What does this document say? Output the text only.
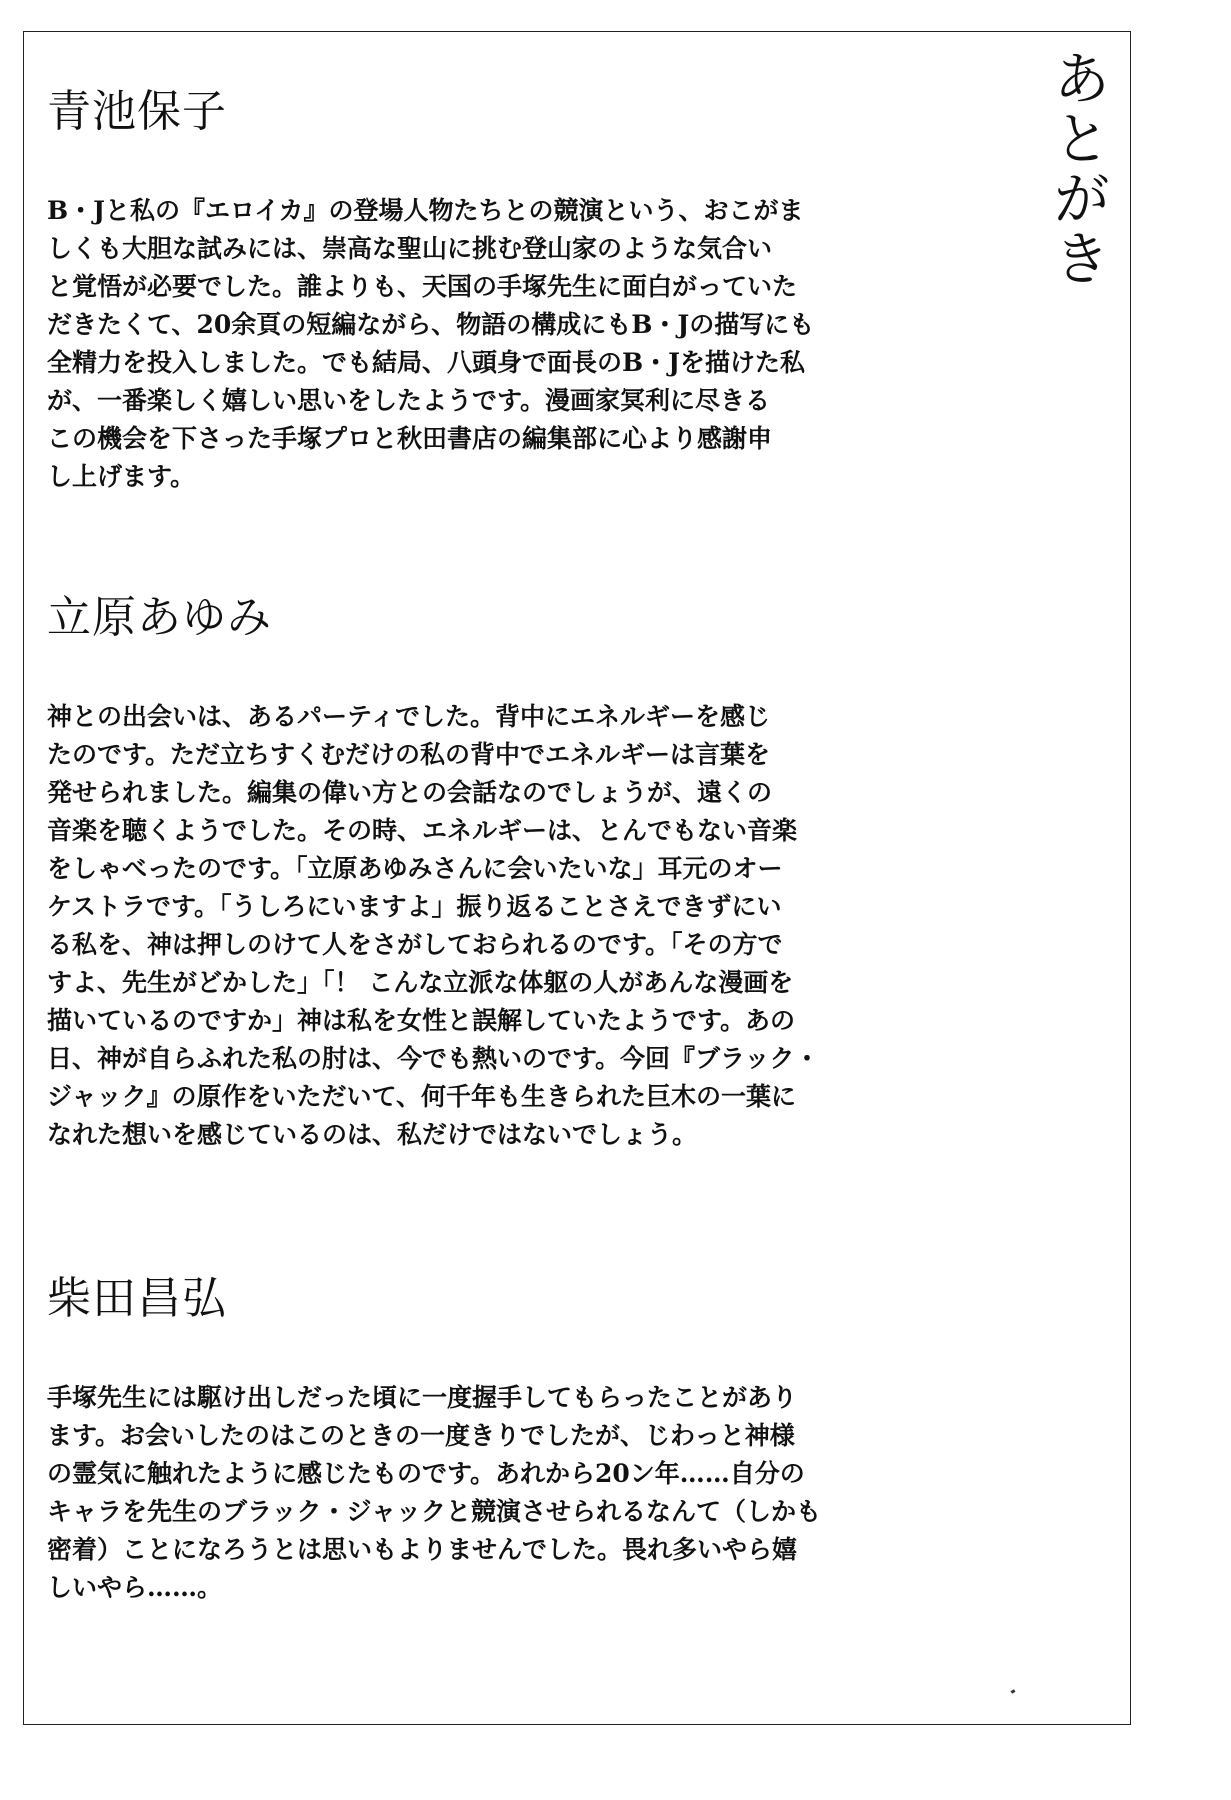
あとがき
青池保子
B・Jと私の『エロイカ』の登場人物たちとの競演という、おこがま
しくも大胆な試みには、崇高な聖山に挑む登山家のような気合い
と覚悟が必要でした。誰よりも、天国の手塚先生に面白がっていた
だきたくて、20余頁の短編ながら、物語の構成にもB・Jの描写にも
全精力を投入しました。でも結局、八頭身で面長のB・Jを描けた私
が、一番楽しく嬉しい思いをしたようです。漫画家冥利に尽きる
この機会を下さった手塚プロと秋田書店の編集部に心より感謝申
し上げます。
立原あゆみ
神との出会いは、あるパーティでした。背中にエネルギーを感じ
たのです。ただ立ちすくむだけの私の背中でエネルギーは言葉を
発せられました。編集の偉い方との会話なのでしょうが、遠くの
音楽を聴くようでした。その時、エネルギーは、とんでもない音楽
をしゃべったのです。「立原あゆみさんに会いたいな」耳元のオー
ケストラです。「うしろにいますよ」振り返ることさえできずにい
る私を、神は押しのけて人をさがしておられるのです。「その方で
すよ、先生がどかした」「！ こんな立派な体躯の人があんな漫画を
描いているのですか」神は私を女性と誤解していたようです。あの
日、神が自らふれた私の肘は、今でも熱いのです。今回『ブラック・
ジャック』の原作をいただいて、何千年も生きられた巨木の一葉に
なれた想いを感じているのは、私だけではないでしょう。
柴田昌弘
手塚先生には駆け出しだった頃に一度握手してもらったことがあり
ます。お会いしたのはこのときの一度きりでしたが、じわっと神様
の霊気に触れたように感じたものです。あれから20ン年……自分の
キャラを先生のブラック・ジャックと競演させられるなんて（しかも
密着）ことになろうとは思いもよりませんでした。畏れ多いやら嬉
しいやら……。
